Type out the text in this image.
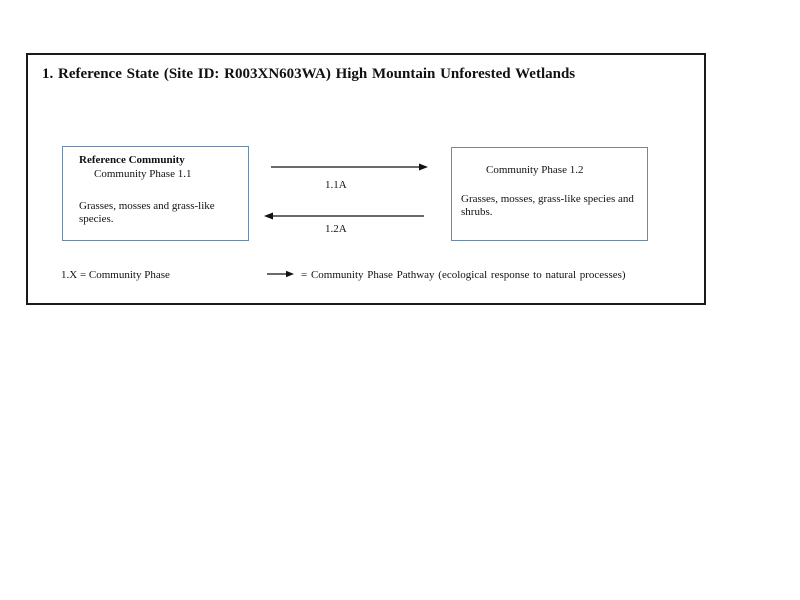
1. Reference State (Site ID: R003XN603WA) High Mountain Unforested Wetlands
Reference Community
Community Phase 1.1
Grasses, mosses and grass-like species.
Community Phase 1.2
Grasses, mosses, grass-like species and shrubs.
1.1A
1.2A
1.X = Community Phase	= Community Phase Pathway (ecological response to natural processes)
